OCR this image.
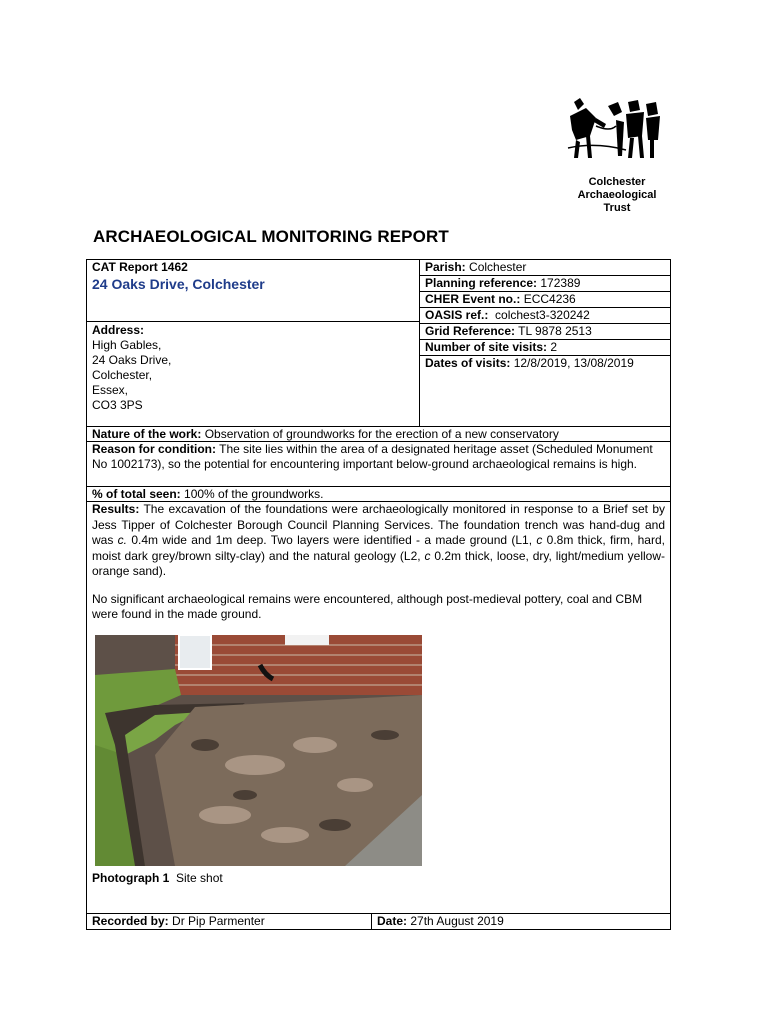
Colchester
Archaeological
Trust
ARCHAEOLOGICAL MONITORING REPORT
CAT Report 1462
24 Oaks Drive, Colchester
Address:
High Gables,
24 Oaks Drive,
Colchester,
Essex,
CO3 3PS
Parish: Colchester
Planning reference: 172389
CHER Event no.: ECC4236
OASIS ref.: colchest3-320242
Grid Reference: TL 9878 2513
Number of site visits: 2
Dates of visits: 12/8/2019, 13/08/2019
Nature of the work: Observation of groundworks for the erection of a new conservatory
Reason for condition: The site lies within the area of a designated heritage asset (Scheduled Monument No 1002173), so the potential for encountering important below-ground archaeological remains is high.
% of total seen: 100% of the groundworks.
Results: The excavation of the foundations were archaeologically monitored in response to a Brief set by Jess Tipper of Colchester Borough Council Planning Services. The foundation trench was hand-dug and was c. 0.4m wide and 1m deep. Two layers were identified - a made ground (L1, c 0.8m thick, firm, hard, moist dark grey/brown silty-clay) and the natural geology (L2, c 0.2m thick, loose, dry, light/medium yellow-orange sand).
No significant archaeological remains were encountered, although post-medieval pottery, coal and CBM were found in the made ground.
Photograph 1 Site shot
Recorded by: Dr Pip Parmenter	Date: 27th August 2019
